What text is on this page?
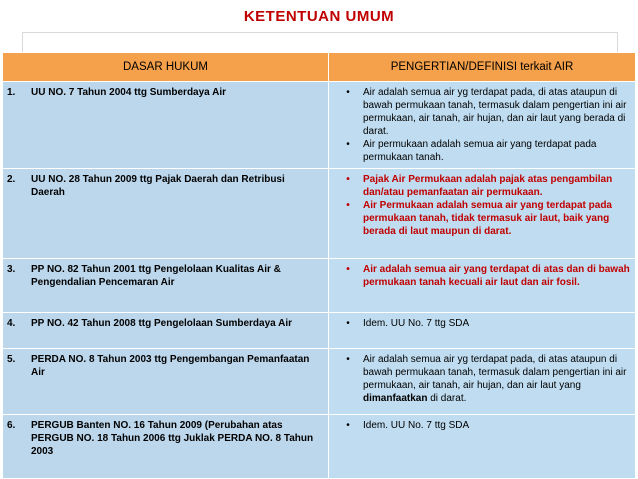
KETENTUAN UMUM
DASAR HUKUM	PENGERTIAN/DEFINISI terkait AIR
1. UU NO. 7 Tahun 2004 ttg Sumberdaya Air	• Air adalah semua air yg terdapat pada, di atas ataupun di bawah permukaan tanah, termasuk dalam pengertian ini air permukaan, air tanah, air hujan, dan air laut yang berada di darat.
• Air permukaan adalah semua air yang terdapat pada permukaan tanah.

2. UU NO. 28 Tahun 2009 ttg Pajak Daerah dan Retribusi Daerah	• Pajak Air Permukaan adalah pajak atas pengambilan dan/atau pemanfaatan air permukaan.
• Air Permukaan adalah semua air yang terdapat pada permukaan tanah, tidak termasuk air laut, baik yang berada di laut maupun di darat.

3. PP NO. 82 Tahun 2001 ttg Pengelolaan Kualitas Air & Pengendalian Pencemaran Air	• Air adalah semua air yang terdapat di atas dan di bawah permukaan tanah kecuali air laut dan air fosil.

4. PP NO. 42 Tahun 2008 ttg Pengelolaan Sumberdaya Air	• Idem. UU No. 7 ttg SDA

5. PERDA NO. 8 Tahun 2003 ttg Pengembangan Pemanfaatan Air	• Air adalah semua air yg terdapat pada, di atas ataupun di bawah permukaan tanah, termasuk dalam pengertian ini air permukaan, air tanah, air hujan, dan air laut yang dimanfaatkan di darat.

6. PERGUB Banten NO. 16 Tahun 2009 (Perubahan atas PERGUB NO. 18 Tahun 2006 ttg Juklak PERDA NO. 8 Tahun 2003	• Idem. UU No. 7 ttg SDA
